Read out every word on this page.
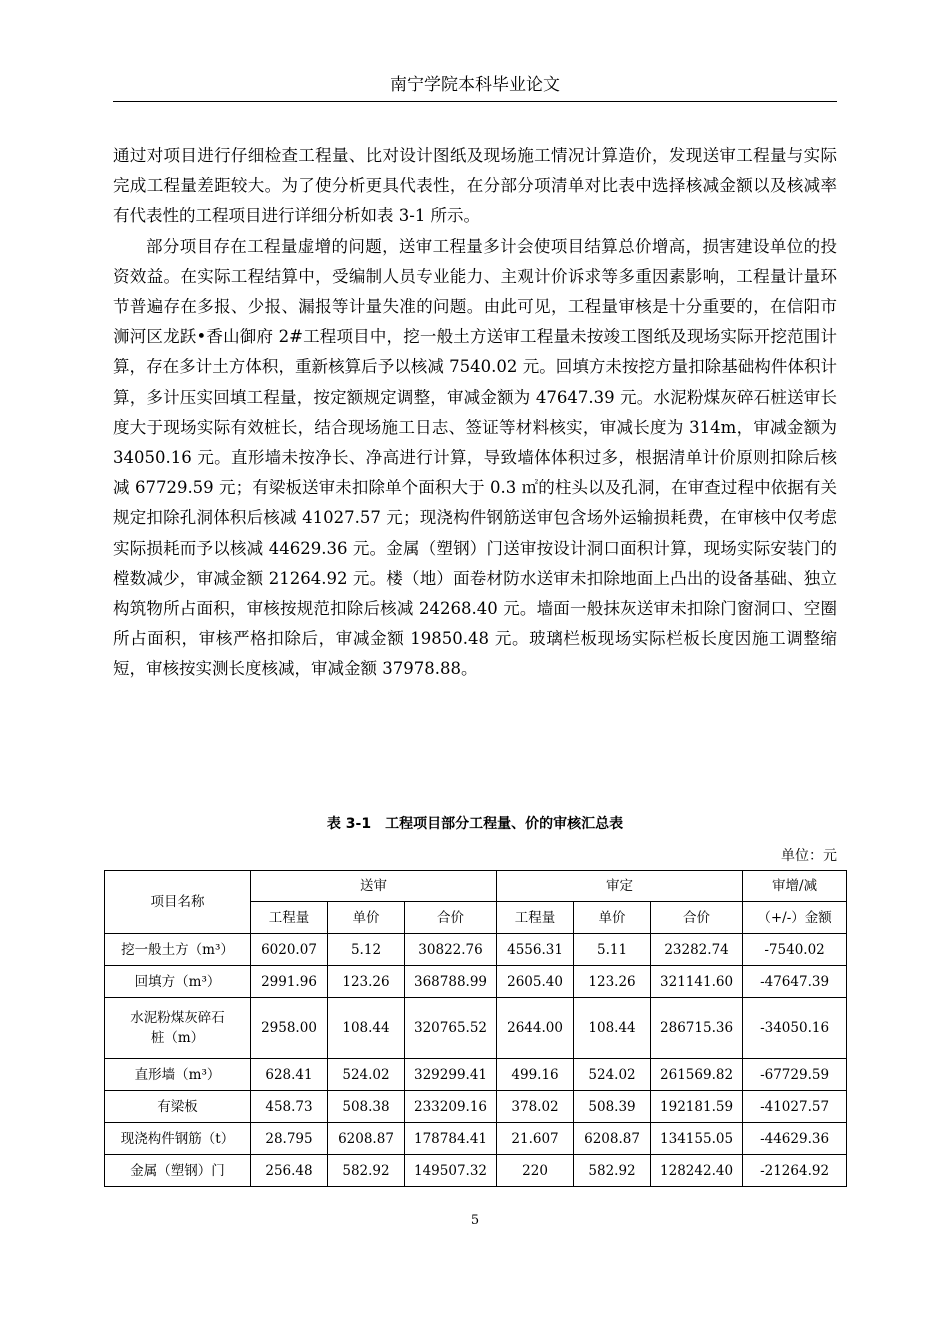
南宁学院本科毕业论文

通过对项目进行仔细检查工程量、比对设计图纸及现场施工情况计算造价，发现送审工程量与实际完成工程量差距较大。为了使分析更具代表性，在分部分项清单对比表中选择核减金额以及核减率有代表性的工程项目进行详细分析如表 3-1 所示。

部分项目存在工程量虚增的问题，送审工程量多计会使项目结算总价增高，损害建设单位的投资效益。在实际工程结算中，受编制人员专业能力、主观计价诉求等多重因素影响，工程量计量环节普遍存在多报、少报、漏报等计量失准的问题。由此可见，工程量审核是十分重要的，在信阳市浉河区龙跃•香山御府 2#工程项目中，挖一般土方送审工程量未按竣工图纸及现场实际开挖范围计算，存在多计土方体积，重新核算后予以核减 7540.02 元。回填方未按挖方量扣除基础构件体积计算，多计压实回填工程量，按定额规定调整，审减金额为 47647.39 元。水泥粉煤灰碎石桩送审长度大于现场实际有效桩长，结合现场施工日志、签证等材料核实，审减长度为 314m，审减金额为 34050.16 元。直形墙未按净长、净高进行计算，导致墙体体积过多，根据清单计价原则扣除后核减 67729.59 元；有梁板送审未扣除单个面积大于 0.3 ㎡的柱头以及孔洞，在审查过程中依据有关规定扣除孔洞体积后核减 41027.57 元；现浇构件钢筋送审包含场外运输损耗费，在审核中仅考虑实际损耗而予以核减 44629.36 元。金属（塑钢）门送审按设计洞口面积计算，现场实际安装门的樘数减少，审减金额 21264.92 元。楼（地）面卷材防水送审未扣除地面上凸出的设备基础、独立构筑物所占面积，审核按规范扣除后核减 24268.40 元。墙面一般抹灰送审未扣除门窗洞口、空圈所占面积，审核严格扣除后，审减金额 19850.48 元。玻璃栏板现场实际栏板长度因施工调整缩短，审核按实测长度核减，审减金额 37978.88。

表 3-1　工程项目部分工程量、价的审核汇总表
单位：元
项目名称	送审			审定			审增/减
	工程量	单价	合价	工程量	单价	合价	（+/-）金额
挖一般土方（m³）	6020.07	5.12	30822.76	4556.31	5.11	23282.74	-7540.02
回填方（m³）	2991.96	123.26	368788.99	2605.40	123.26	321141.60	-47647.39
水泥粉煤灰碎石
桩（m）	2958.00	108.44	320765.52	2644.00	108.44	286715.36	-34050.16
直形墙（m³）	628.41	524.02	329299.41	499.16	524.02	261569.82	-67729.59
有梁板	458.73	508.38	233209.16	378.02	508.39	192181.59	-41027.57
现浇构件钢筋（t）	28.795	6208.87	178784.41	21.607	6208.87	134155.05	-44629.36
金属（塑钢）门	256.48	582.92	149507.32	220	582.92	128242.40	-21264.92
5
